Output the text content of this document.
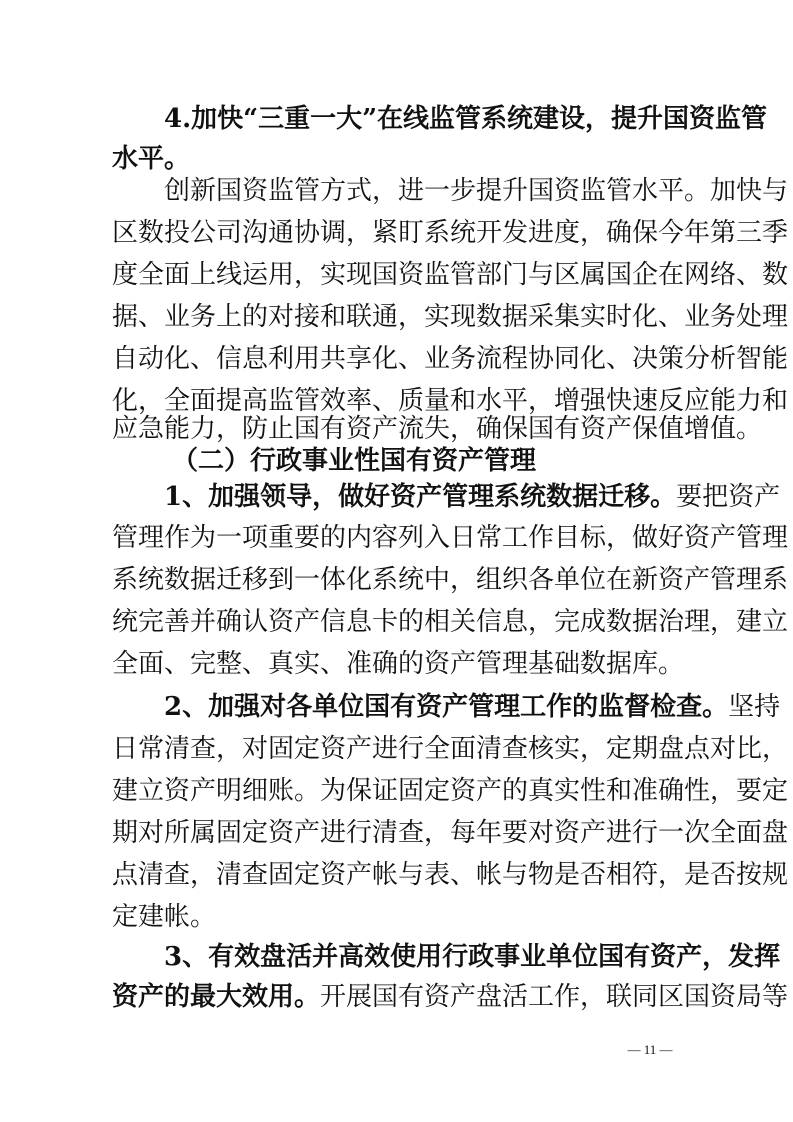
4.加快“三重一大”在线监管系统建设，提升国资监管
水平。
创新国资监管方式，进一步提升国资监管水平。加快与
区数投公司沟通协调，紧盯系统开发进度，确保今年第三季
度全面上线运用，实现国资监管部门与区属国企在网络、数
据、业务上的对接和联通，实现数据采集实时化、业务处理
自动化、信息利用共享化、业务流程协同化、决策分析智能
化，全面提高监管效率、质量和水平，增强快速反应能力和
应急能力，防止国有资产流失，确保国有资产保值增值。
（二）行政事业性国有资产管理
1、加强领导，做好资产管理系统数据迁移。要把资产
管理作为一项重要的内容列入日常工作目标，做好资产管理
系统数据迁移到一体化系统中，组织各单位在新资产管理系
统完善并确认资产信息卡的相关信息，完成数据治理，建立
全面、完整、真实、准确的资产管理基础数据库。
2、加强对各单位国有资产管理工作的监督检查。坚持
日常清查，对固定资产进行全面清查核实，定期盘点对比，
建立资产明细账。为保证固定资产的真实性和准确性，要定
期对所属固定资产进行清查，每年要对资产进行一次全面盘
点清查，清查固定资产帐与表、帐与物是否相符，是否按规
定建帐。
3、有效盘活并高效使用行政事业单位国有资产，发挥
资产的最大效用。开展国有资产盘活工作，联同区国资局等
— 11 —
